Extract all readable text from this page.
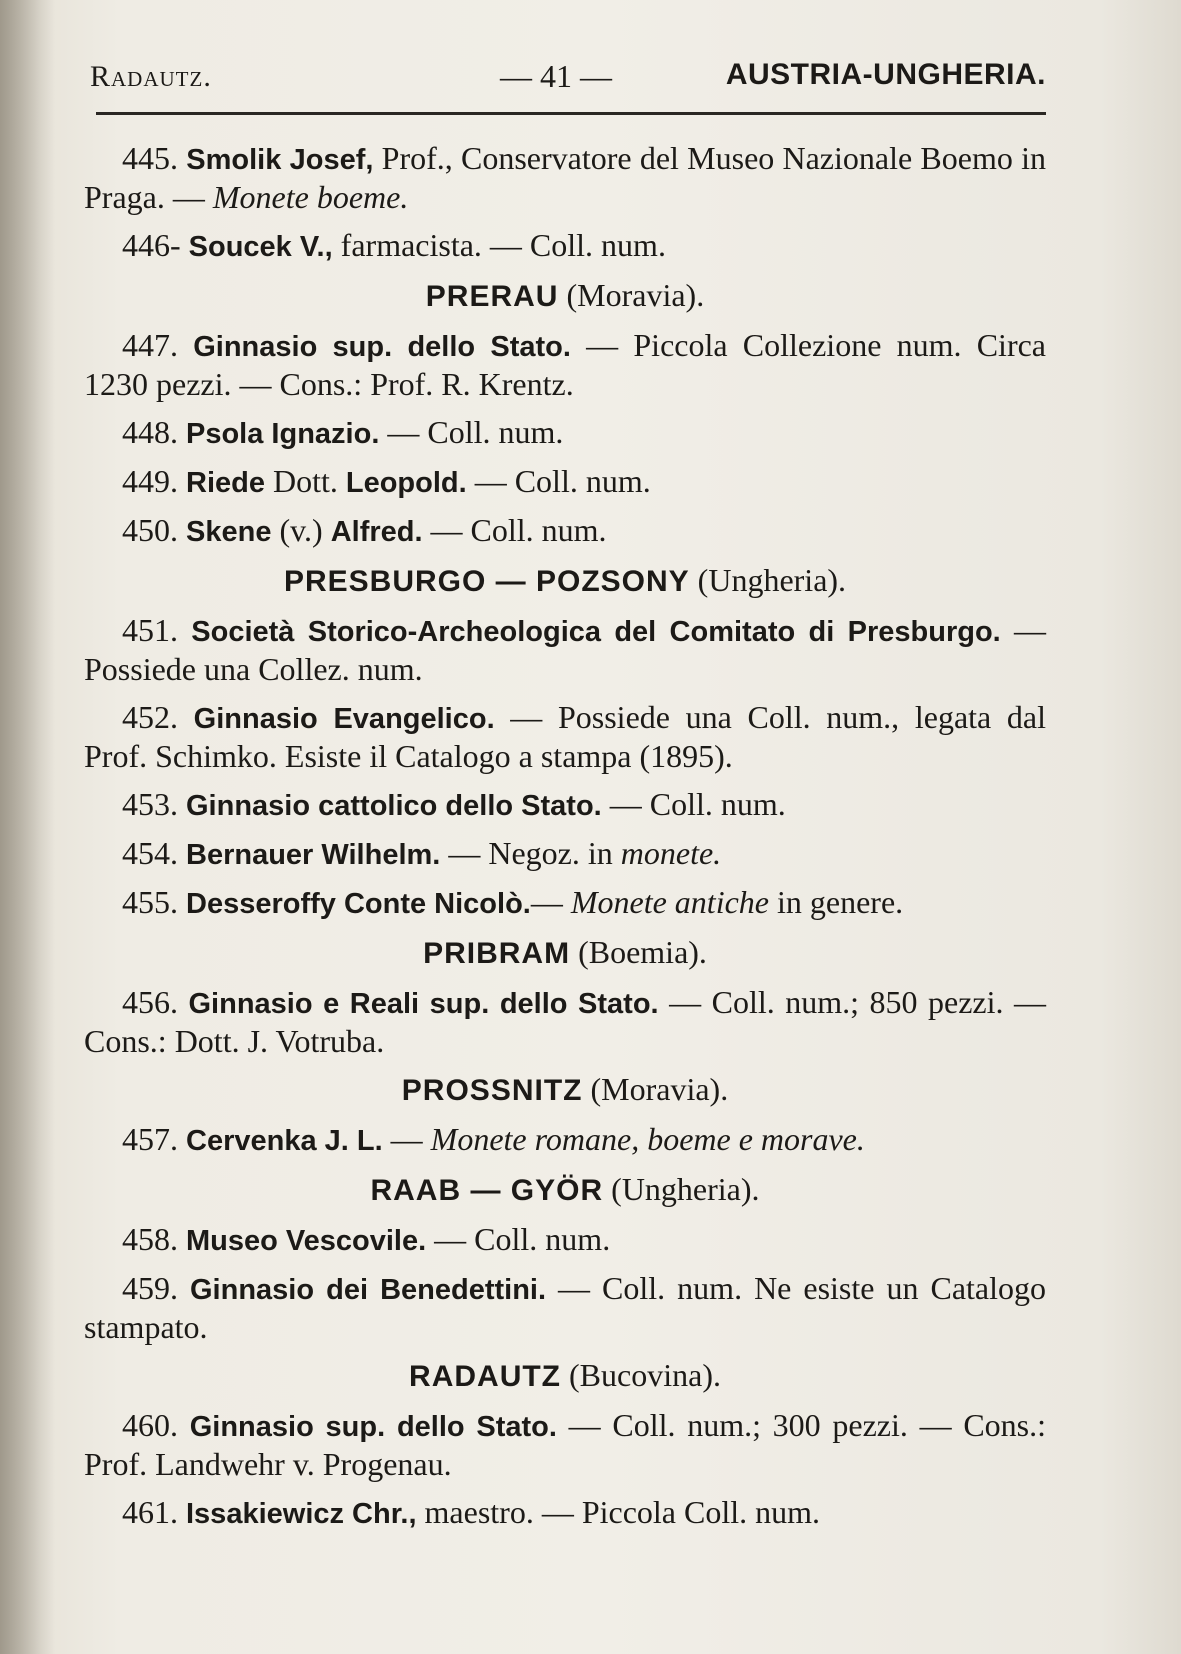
Radautz.	— 41 —	AUSTRIA-UNGHERIA.

445. Smolik Josef, Prof., Conservatore del Museo Nazionale Boemo in Praga. — Monete boeme.

446- Soucek V., farmacista. — Coll. num.

PRERAU (Moravia).

447. Ginnasio sup. dello Stato. — Piccola Collezione num. Circa 1230 pezzi. — Cons.: Prof. R. Krentz.

448. Psola Ignazio. — Coll. num.

449. Riede Dott. Leopold. — Coll. num.

450. Skene (v.) Alfred. — Coll. num.

PRESBURGO — POZSONY (Ungheria).

451. Società Storico-Archeologica del Comitato di Presburgo. — Possiede una Collez. num.

452. Ginnasio Evangelico. — Possiede una Coll. num., legata dal Prof. Schimko. Esiste il Catalogo a stampa (1895).

453. Ginnasio cattolico dello Stato. — Coll. num.

454. Bernauer Wilhelm. — Negoz. in monete.

455. Desseroffy Conte Nicolò.— Monete antiche in genere.

PRIBRAM (Boemia).

456. Ginnasio e Reali sup. dello Stato. — Coll. num.; 850 pezzi. — Cons.: Dott. J. Votruba.

PROSSNITZ (Moravia).

457. Cervenka J. L. — Monete romane, boeme e morave.

RAAB — GYÖR (Ungheria).

458. Museo Vescovile. — Coll. num.

459. Ginnasio dei Benedettini. — Coll. num. Ne esiste un Catalogo stampato.

RADAUTZ (Bucovina).

460. Ginnasio sup. dello Stato. — Coll. num.; 300 pezzi. — Cons.: Prof. Landwehr v. Progenau.

461. Issakiewicz Chr., maestro. — Piccola Coll. num.
